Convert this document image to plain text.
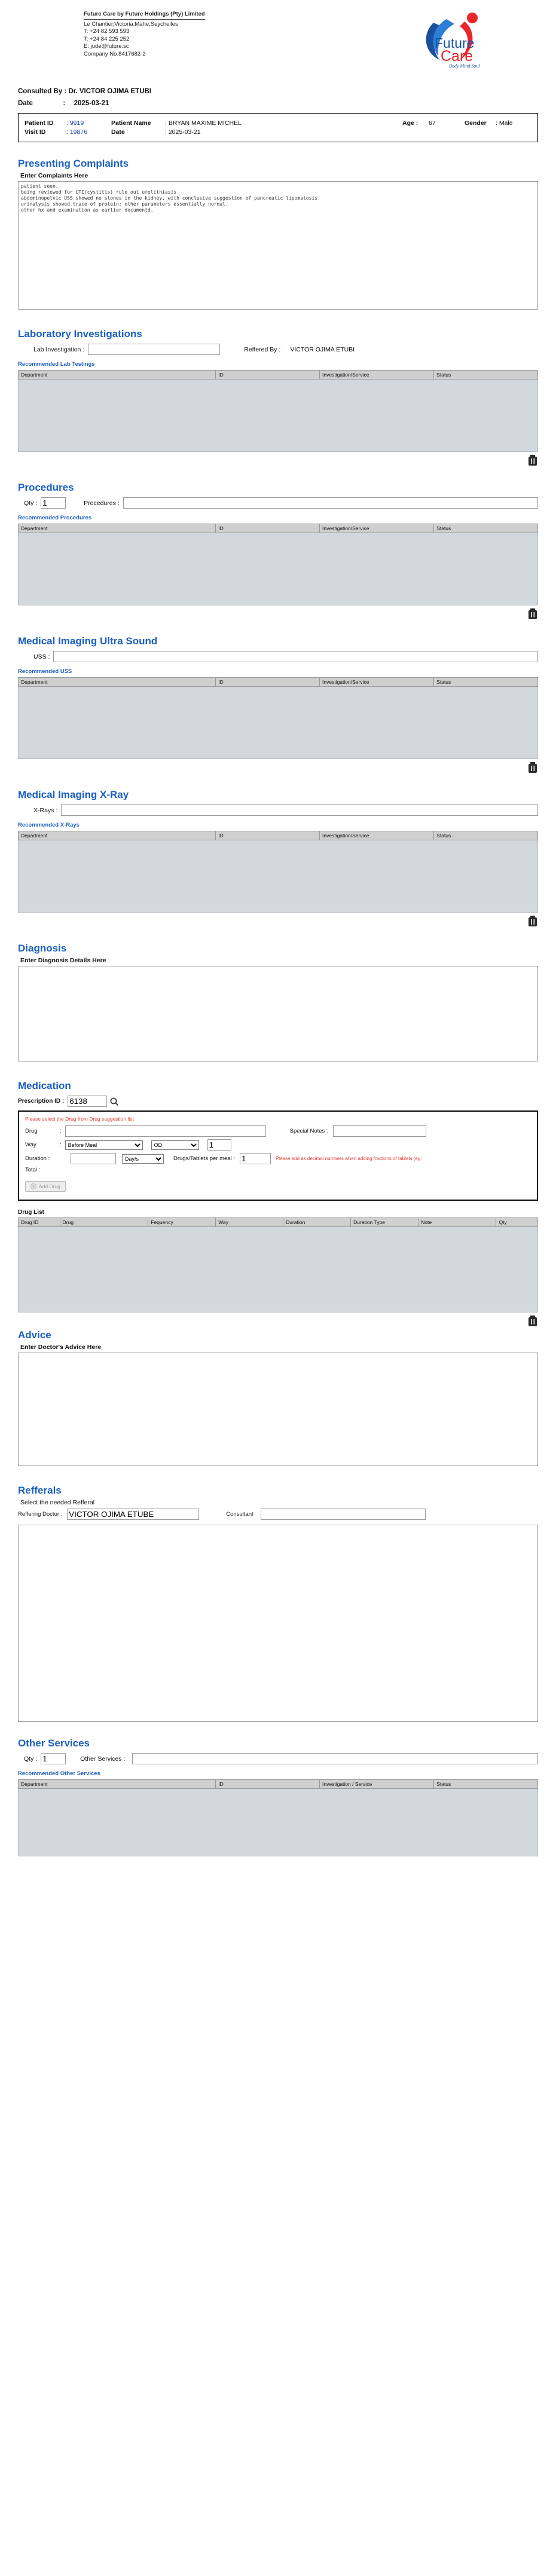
Future Care by Future Holdings (Pty) Limited
Le Chantier,Victoria,Mahe,Seychelles
T: +24 82 593 593
T: +24 84 225 252
E: jude@future.sc
Company No.8417682-2
Future
Care
Body Mind Soul
Consulted By : Dr. VICTOR OJIMA ETUBI
Date	: 2025-03-21
Patient ID	: 9919	Patient Name	: BRYAN MAXIME MICHEL	Age :	67	Gender	: Male
Visit ID	: 19876	Date	: 2025-03-21
Presenting Complaints
Enter Complaints Here
patient seen. being reviewed for UTI(cystitis) rule out urolithiasis abdominopelvic USS showed no stones in the kidney, with conclusive suggestion of pancreatic lipomatosis. urinalysis showed trace of protein; other parameters essentially normal. other hx and examination as earlier documentd.
Laboratory Investigations
Lab Investigation :	Reffered By : VICTOR OJIMA ETUBI
Recommended Lab Testings
Department	ID	Investigation/Service	Status

Procedures
Qty :
1	Procedures :
Recommended Procedures
Department	ID	Investigation/Service	Status

Medical Imaging Ultra Sound
USS :
Recommended USS
Department	ID	Investigation/Service	Status

Medical Imaging X-Ray
X-Rays :
Recommended X-Rays
Department	ID	Investigation/Service	Status

Diagnosis
Enter Diagnosis Details Here
Medication
Prescription ID :
6138
Please select the Drug from Drug suggestion list
Drug	:	Special Notes :
Way	:
Before Meal
OD
1
Duration :
Day/s	Drugs/Tablets per meal :
1	Please add as decimal numbers when adding fractions of tablets (eg:
Total :
Add Drug
Drug List
Drug ID	Drug	Fequency	Way	Duration	Duration Type	Note	Qty

Advice
Enter Doctor's Advice Here
Refferals
Select the needed Refferal
Reffering Doctor :
VICTOR OJIMA ETUBE	Consultant
Other Services
Qty :
1	Other Services :
Recommended Other Services
Department	ID	Investigation / Service	Status
